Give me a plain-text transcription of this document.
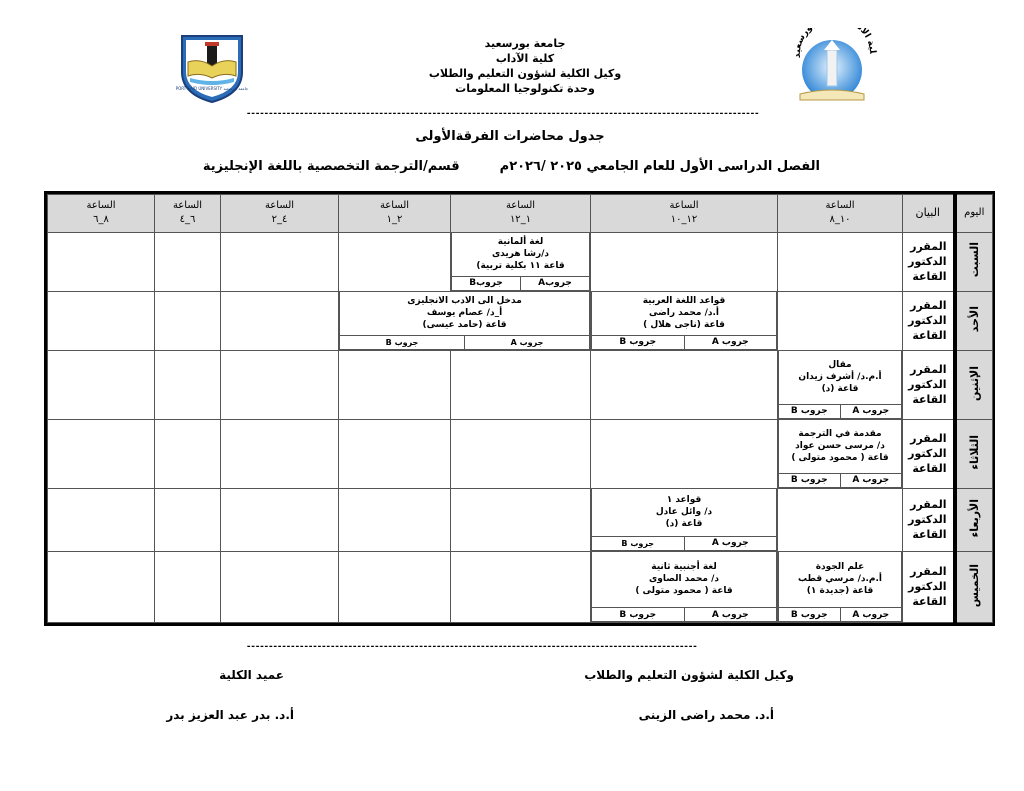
PORT SAID UNIVERSITY جامعة بورسعيد
لية الآداب ورسعيد
جامعة بورسعيد
كلية الآداب
وكيل الكلية لشؤون التعليم والطلاب
وحدة تكنولوجيا المعلومات
--------------------------------------------------------------------------------------------------------------------
جدول محاضرات الفرقةالأولى
الفصل الدراسى الأول للعام الجامعي ٢٠٢٥ /٢٠٢٦مقسم/الترجمة التخصصية باللغة الإنجليزية
اليوم	البيان	
الساعة
١٠_٨

الساعة
١٢_١٠

الساعة
١_١٢

الساعة
٢_١

الساعة
٤_٢

الساعة
٦_٤

الساعة
٨_٦

السبت	
المقرر
الدكتور
القاعة

لغة ألمانية
د/رشا هريدى
قاعة ١١ بكلية تربية)

جروبA	جروبB

الأحد	
المقرر
الدكتور
القاعة

قواعد اللغة العربية
أ.د/ محمد راضى
قاعة (ناجى هلال )

جروب A	جروب B

مدخل الى الادب الانجليزى
أ_د/ عصام يوسف
قاعة (حامد عيسى)

جروب A	جروب B

الإثنين	
المقرر
الدكتور
القاعة

مقال
أ.م.د/ أشرف زيدان
قاعة (د)

جروب A	جروب B

الثلاثاء	
المقرر
الدكتور
القاعة

مقدمة في الترجمة
د/ مرسى حسن عواد
قاعة ( محمود متولى )

جروب A	جروب B

الأربعاء	
المقرر
الدكتور
القاعة

قواعد ١
د/ وائل عادل
قاعة (د)

جروب A	جروب B

الخميس	
المقرر
الدكتور
القاعة

علم الجودة
أ.م.د/ مرسي قطب
قاعة (جديدة ١)

جروب A	جروب B

لغة أجنبية ثانية
د/ محمد الصاوى
قاعة ( محمود متولى )

جروب A	جروب B

------------------------------------------------------------------------------------------------------
وكيل الكلية لشؤون التعليم والطلاب
أ.د. محمد راضى الزينى
عميد الكلية
أ.د. بدر عبد العزيز بدر
